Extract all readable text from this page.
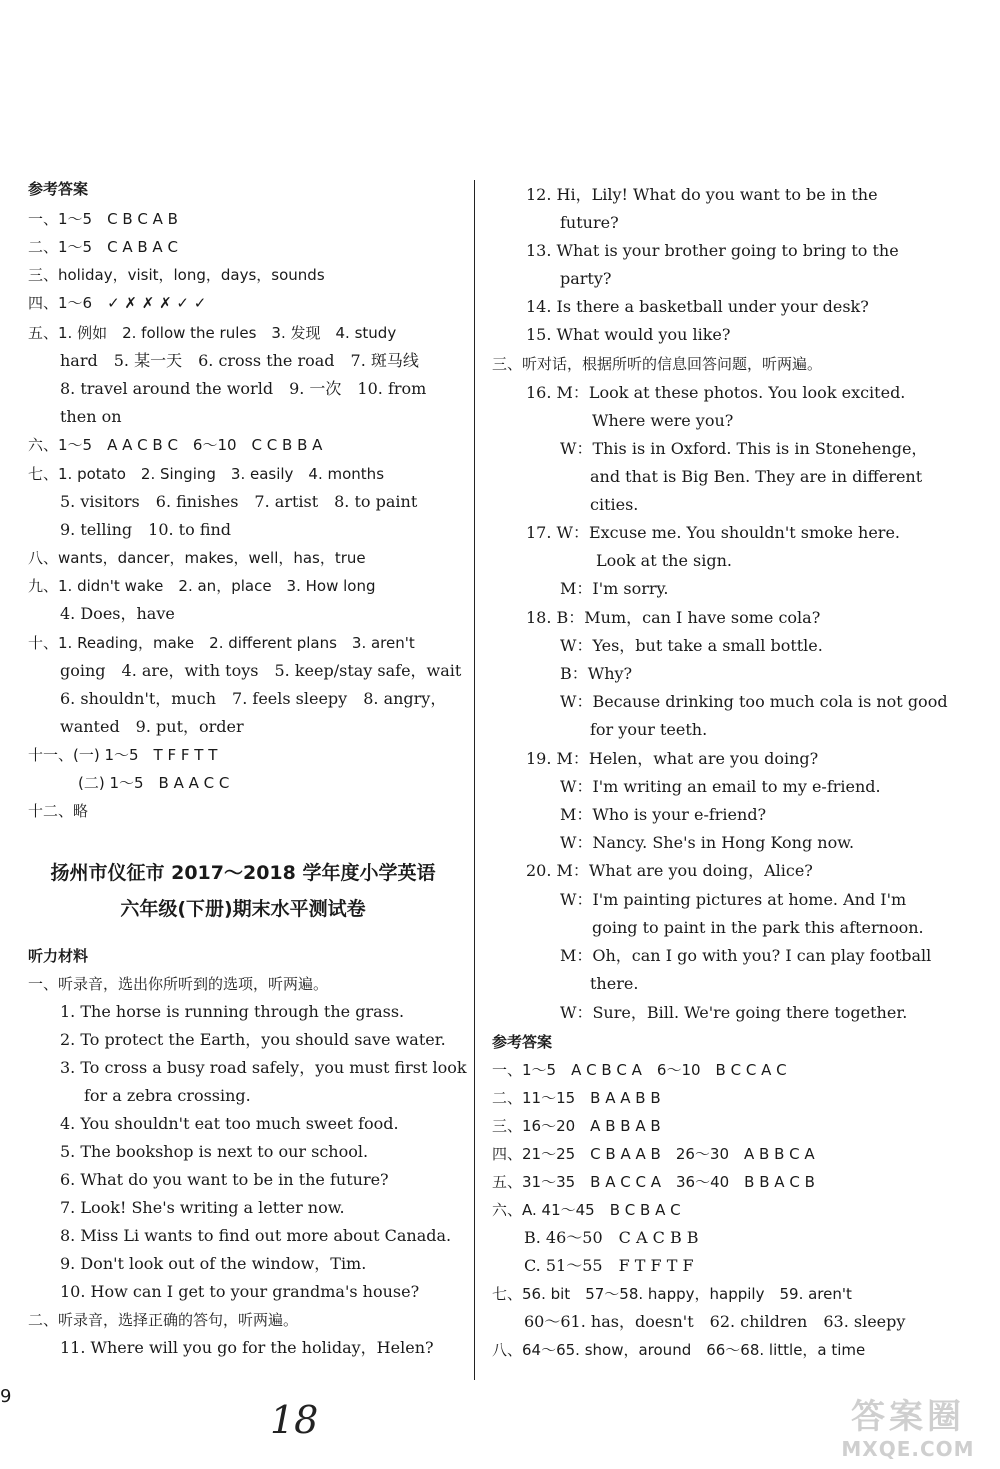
参考答案
一、1～5　C B C A B
二、1～5　C A B A C
三、holiday，visit，long，days，sounds
四、1～6　✓ ✗ ✗ ✗ ✓ ✓
五、1. 例如　2. follow the rules　3. 发现　4. study
hard　5. 某一天　6. cross the road　7. 斑马线
8. travel around the world　9. 一次　10. from
then on
六、1～5　A A C B C　6～10　C C B B A
七、1. potato　2. Singing　3. easily　4. months
5. visitors　6. finishes　7. artist　8. to paint
9. telling　10. to find
八、wants，dancer，makes，well，has，true
九、1. didn't wake　2. an，place　3. How long
4. Does，have
十、1. Reading，make　2. different plans　3. aren't
going　4. are，with toys　5. keep/stay safe，wait
6. shouldn't，much　7. feels sleepy　8. angry，
wanted　9. put，order
十一、(一) 1～5　T F F T T
(二) 1～5　B A A C C
十二、略
扬州市仪征市 2017～2018 学年度小学英语
六年级(下册)期末水平测试卷
听力材料
一、听录音，选出你所听到的选项，听两遍。
1. The horse is running through the grass.
2. To protect the Earth，you should save water.
3. To cross a busy road safely，you must first look
for a zebra crossing.
4. You shouldn't eat too much sweet food.
5. The bookshop is next to our school.
6. What do you want to be in the future?
7. Look! She's writing a letter now.
8. Miss Li wants to find out more about Canada.
9. Don't look out of the window，Tim.
10. How can I get to your grandma's house?
二、听录音，选择正确的答句，听两遍。
11. Where will you go for the holiday，Helen?
12. Hi，Lily! What do you want to be in the
future?
13. What is your brother going to bring to the
party?
14. Is there a basketball under your desk?
15. What would you like?
三、听对话，根据所听的信息回答问题，听两遍。
16. M：Look at these photos. You look excited.
Where were you?
W：This is in Oxford. This is in Stonehenge，
and that is Big Ben. They are in different
cities.
17. W：Excuse me. You shouldn't smoke here.
Look at the sign.
M：I'm sorry.
18. B：Mum，can I have some cola?
W：Yes，but take a small bottle.
B：Why?
W：Because drinking too much cola is not good
for your teeth.
19. M：Helen，what are you doing?
W：I'm writing an email to my e-friend.
M：Who is your e-friend?
W：Nancy. She's in Hong Kong now.
20. M：What are you doing，Alice?
W：I'm painting pictures at home. And I'm
going to paint in the park this afternoon.
M：Oh，can I go with you? I can play football
there.
W：Sure，Bill. We're going there together.
参考答案
一、1～5　A C B C A　6～10　B C C A C
二、11～15　B A A B B
三、16～20　A B B A B
四、21～25　C B A A B　26～30　A B B C A
五、31～35　B A C C A　36～40　B B A C B
六、A. 41～45　B C B A C
B. 46～50　C A C B B
C. 51～55　F T F T F
七、56. bit　57～58. happy，happily　59. aren't
60～61. has，doesn't　62. children　63. sleepy
八、64～65. show，around　66～68. little，a time
9
18	答案圈
MXQE.COM
